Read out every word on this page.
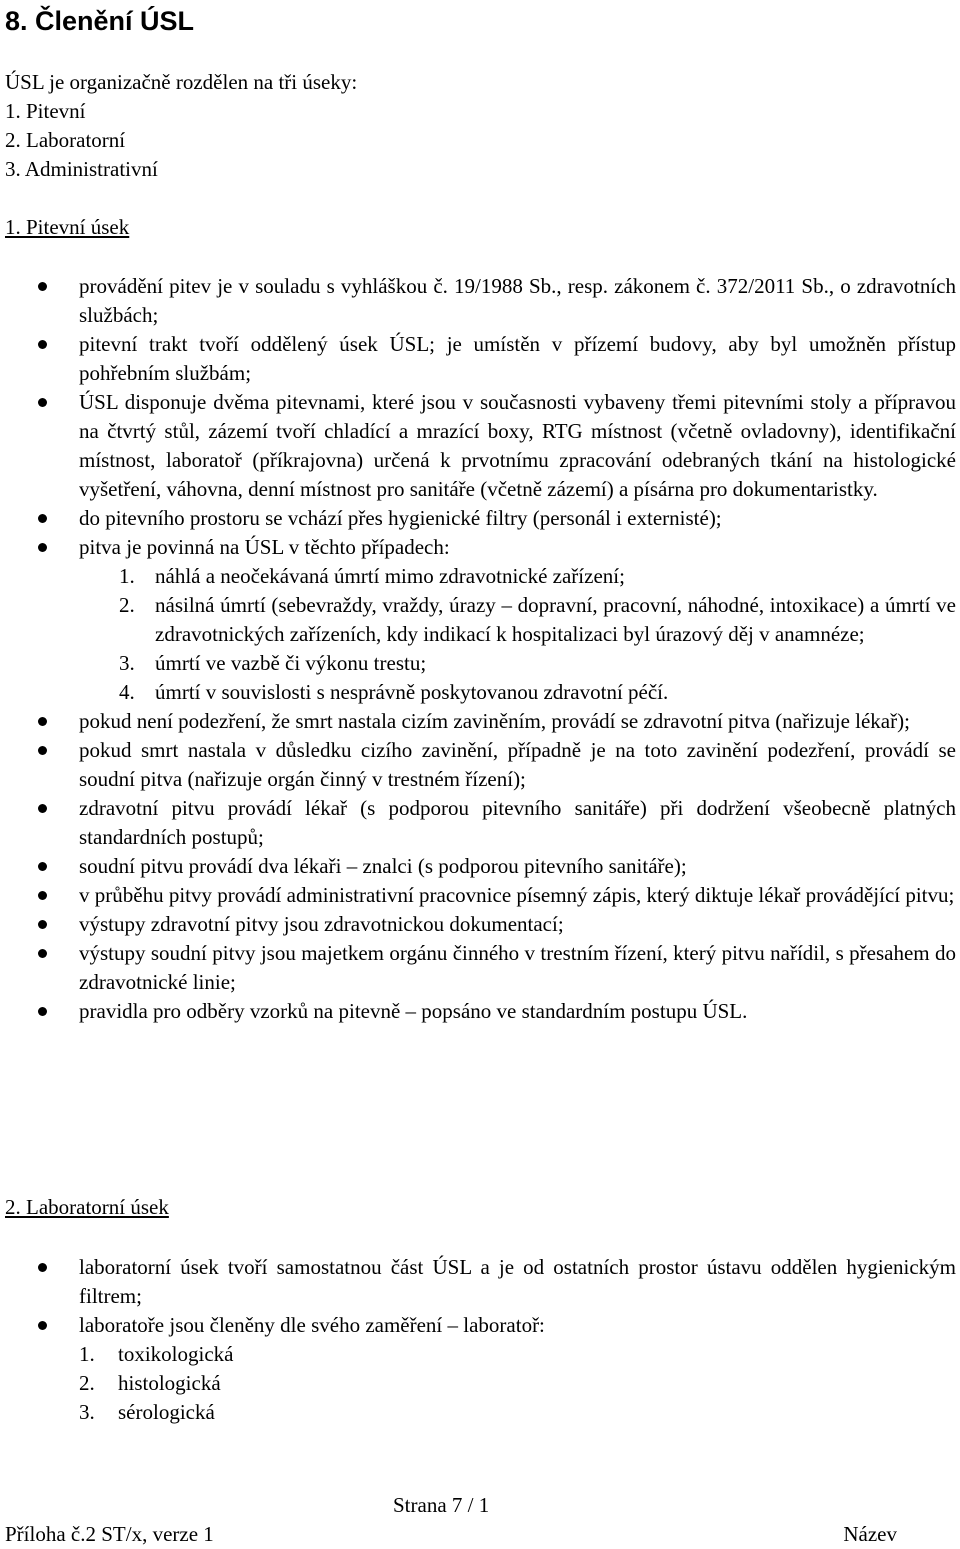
8. Členění ÚSL

ÚSL je organizačně rozdělen na tři úseky:

1. Pitevní

2. Laboratorní

3. Administrativní

1. Pitevní úsek

provádění pitev je v souladu s vyhláškou č. 19/1988 Sb., resp. zákonem č. 372/2011 Sb., o zdravotních službách;
pitevní trakt tvoří oddělený úsek ÚSL; je umístěn v přízemí budovy, aby byl umožněn přístup pohřebním službám;
ÚSL disponuje dvěma pitevnami, které jsou v současnosti vybaveny třemi pitevními stoly a přípravou na čtvrtý stůl, zázemí tvoří chladící a mrazící boxy, RTG místnost (včetně ovladovny), identifikační místnost, laboratoř (příkrajovna) určená k prvotnímu zpracování odebraných tkání na histologické vyšetření, váhovna, denní místnost pro sanitáře (včetně zázemí) a písárna pro dokumentaristky.
do pitevního prostoru se vchází přes hygienické filtry (personál i externisté);
pitva je povinná na ÚSL v těchto případech:
1. náhlá a neočekávaná úmrtí mimo zdravotnické zařízení;
2. násilná úmrtí (sebevraždy, vraždy, úrazy – dopravní, pracovní, náhodné, intoxikace) a úmrtí ve zdravotnických zařízeních, kdy indikací k hospitalizaci byl úrazový děj v anamnéze;
3. úmrtí ve vazbě či výkonu trestu;
4. úmrtí v souvislosti s nesprávně poskytovanou zdravotní péčí.
pokud není podezření, že smrt nastala cizím zaviněním, provádí se zdravotní pitva (nařizuje lékař);
pokud smrt nastala v důsledku cizího zavinění, případně je na toto zavinění podezření, provádí se soudní pitva (nařizuje orgán činný v trestném řízení);
zdravotní pitvu provádí lékař (s podporou pitevního sanitáře) při dodržení všeobecně platných standardních postupů;
soudní pitvu provádí dva lékaři – znalci (s podporou pitevního sanitáře);
v průběhu pitvy provádí administrativní pracovnice písemný zápis, který diktuje lékař provádějící pitvu;
výstupy zdravotní pitvy jsou zdravotnickou dokumentací;
výstupy soudní pitvy jsou majetkem orgánu činného v trestním řízení, který pitvu nařídil, s přesahem do zdravotnické linie;
pravidla pro odběry vzorků na pitevně – popsáno ve standardním postupu ÚSL.

2. Laboratorní úsek

laboratorní úsek tvoří samostatnou část ÚSL a je od ostatních prostor ústavu oddělen hygienickým filtrem;
laboratoře jsou členěny dle svého zaměření – laboratoř:
1. toxikologická
2. histologická
3. sérologická
Strana 7 / 1
Příloha č.2 ST/x, verze 1	Název
